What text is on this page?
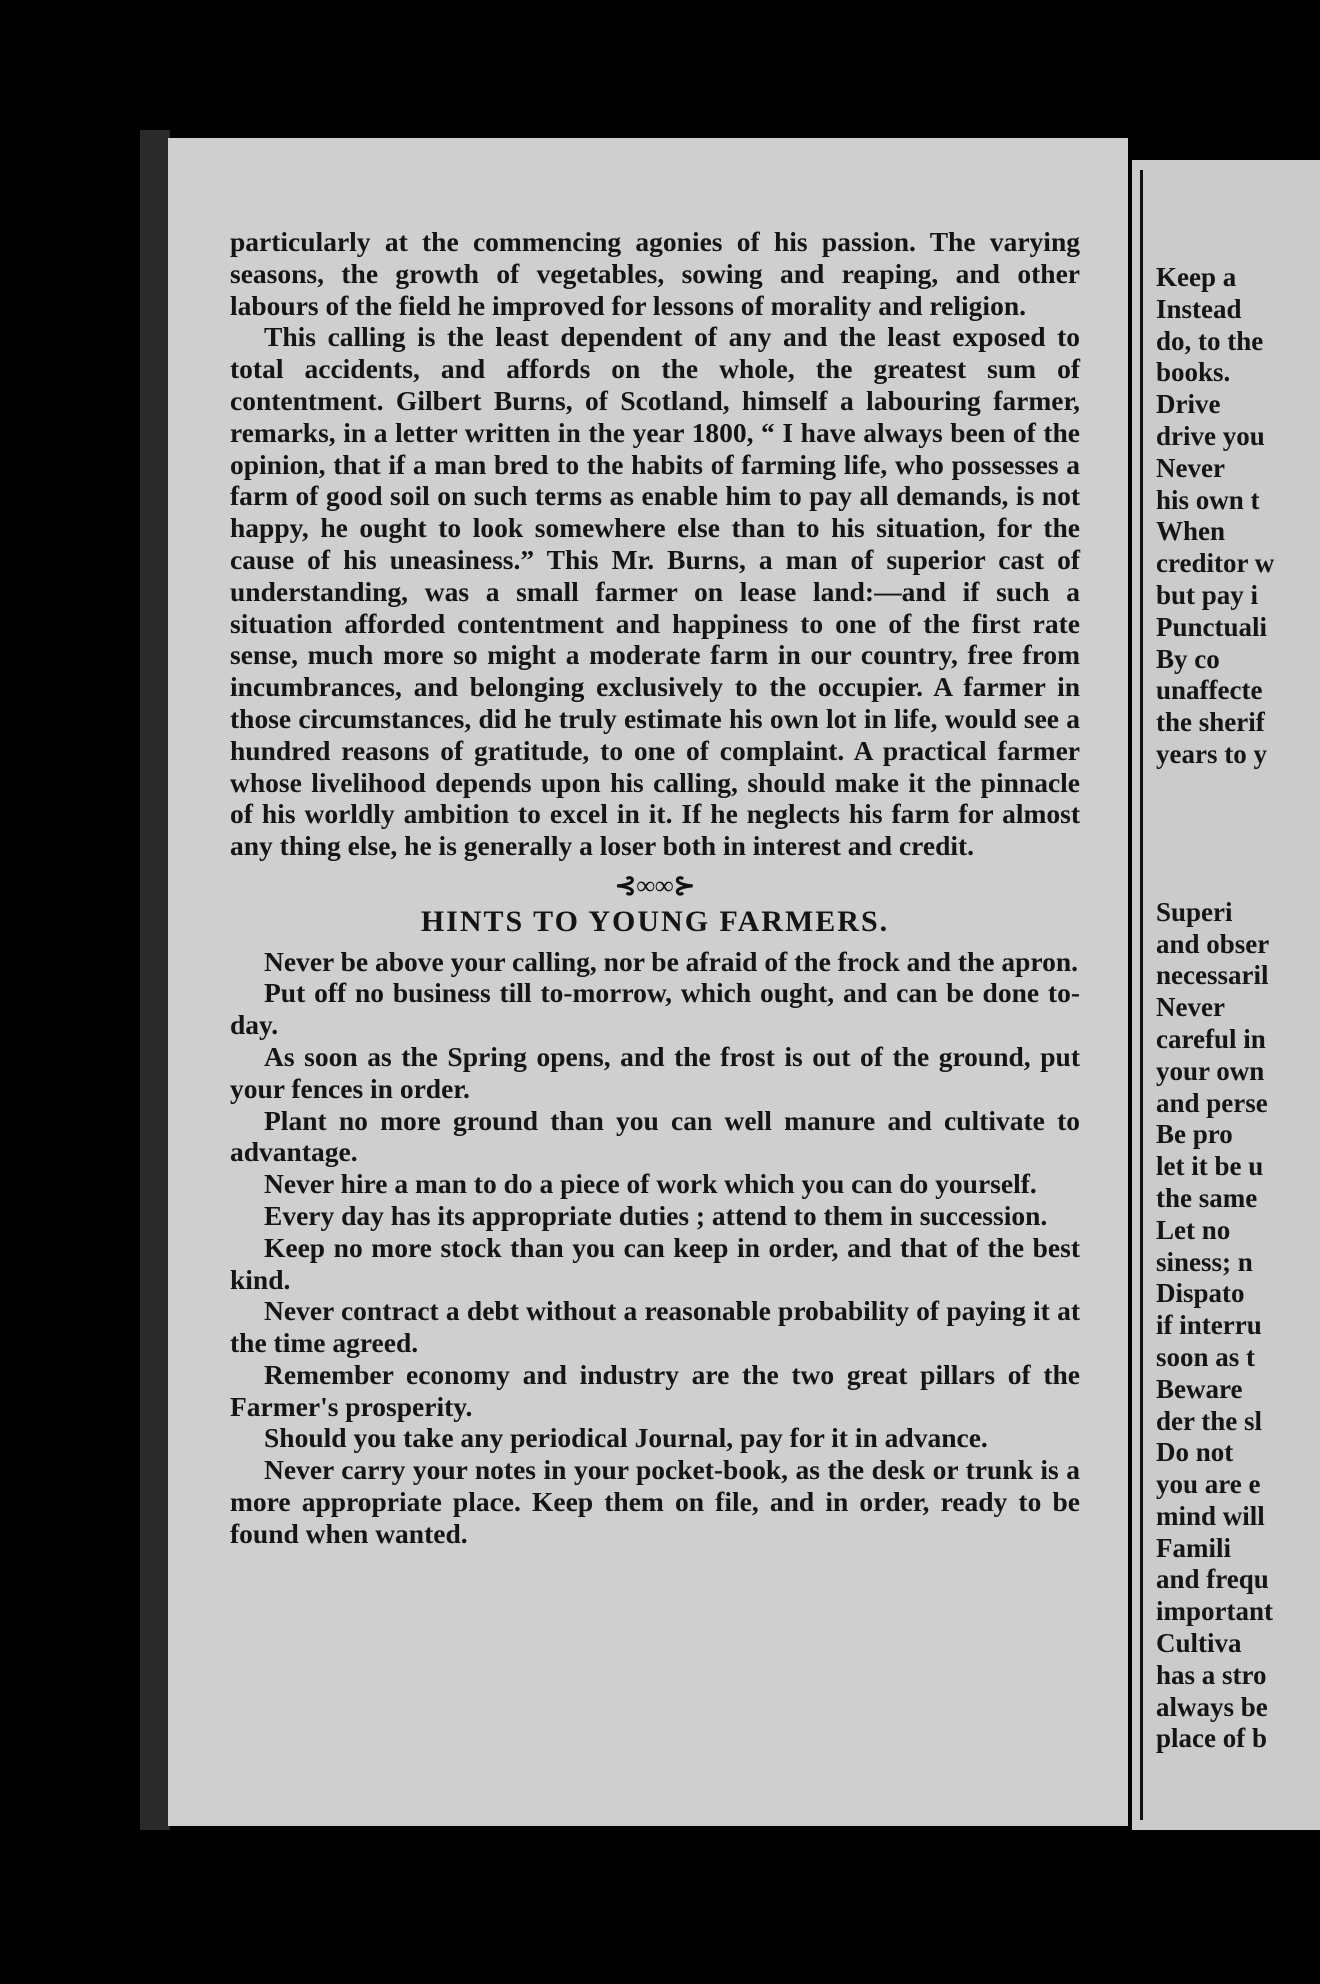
particularly at the commencing agonies of his passion. The varying seasons, the growth of vegetables, sowing and reaping, and other labours of the field he improved for lessons of morality and religion.

This calling is the least dependent of any and the least exposed to total accidents, and affords on the whole, the greatest sum of contentment. Gilbert Burns, of Scotland, himself a labouring farmer, remarks, in a letter written in the year 1800, “ I have always been of the opinion, that if a man bred to the habits of farming life, who possesses a farm of good soil on such terms as enable him to pay all demands, is not happy, he ought to look somewhere else than to his situation, for the cause of his uneasiness.” This Mr. Burns, a man of superior cast of understanding, was a small farmer on lease land:—and if such a situation afforded contentment and happiness to one of the first rate sense, much more so might a moderate farm in our country, free from incumbrances, and belonging exclusively to the occupier. A farmer in those circumstances, did he truly estimate his own lot in life, would see a hundred reasons of gratitude, to one of complaint. A practical farmer whose livelihood depends upon his calling, should make it the pinnacle of his worldly ambition to excel in it. If he neglects his farm for almost any thing else, he is generally a loser both in interest and credit.

⊰∞∞⊱
HINTS TO YOUNG FARMERS.

Never be above your calling, nor be afraid of the frock and the apron.

Put off no business till to-morrow, which ought, and can be done to-day.

As soon as the Spring opens, and the frost is out of the ground, put your fences in order.

Plant no more ground than you can well manure and cultivate to advantage.

Never hire a man to do a piece of work which you can do yourself.

Every day has its appropriate duties ; attend to them in succession.

Keep no more stock than you can keep in order, and that of the best kind.

Never contract a debt without a reasonable probability of paying it at the time agreed.

Remember economy and industry are the two great pillars of the Farmer's prosperity.

Should you take any periodical Journal, pay for it in advance.

Never carry your notes in your pocket-book, as the desk or trunk is a more appropriate place. Keep them on file, and in order, ready to be found when wanted.

Keep a
Instead
do, to the
books.
Drive
drive you
Never
his own t
When
creditor w
but pay i
Punctuali
By co
unaffecte
the sherif
years to y
Superi
and obser
necessaril
Never
careful in
your own
and perse
Be pro
let it be u
the same
Let no
siness; n
Dispato
if interru
soon as t
Beware
der the sl
Do not
you are e
mind will
Famili
and frequ
important
Cultiva
has a stro
always be
place of b
